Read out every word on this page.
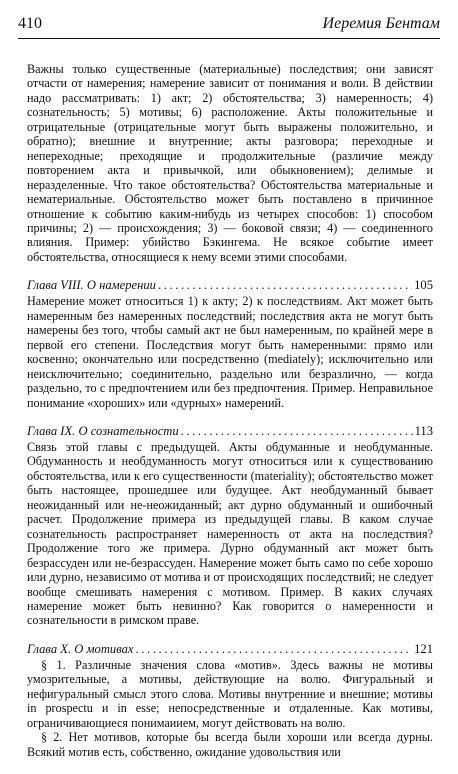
410	Иеремия Бентам

Важны только существенные (материальные) последствия; они зависят отчасти от намерения; намерение зависит от понимания и воли. В действии надо рассматривать: 1) акт; 2) обстоятельства; 3) намеренность; 4) сознательность; 5) мотивы; 6) расположение. Акты положительные и отрицательные (отрицательные могут быть выражены положительно, и обратно); внешние и внутренние; акты разговора; переходные и непереходные; преходящие и продолжительные (различие между повторением акта и привычкой, или обыкновением); делимые и неразделенные. Что такое обстоятельства? Обстоятельства материальные и нематериальные. Обстоятельство может быть поставлено в причинное отношение к событию каким-нибудь из четырех способов: 1) способом причины; 2) — происхождения; 3) — боковой связи; 4) — соединенного влияния. Пример: убийство Бэкингема. Не всякое событие имеет обстоятельства, относящиеся к нему всеми этими способами.

Глава VIII. О намерении .....	105

Намерение может относиться 1) к акту; 2) к последствиям. Акт может быть намеренным без намеренных последствий; последствия акта не могут быть намерены без того, чтобы самый акт не был намеренным, по крайней мере в первой его степени. Последствия могут быть намеренными: прямо или косвенно; окончательно или посредственно (mediately); исключительно или неисключительно; соединительно, раздельно или безразлично, — когда раздельно, то с предпочтением или без предпочтения. Пример. Неправильное понимание «хороших» или «дурных» намерений.

Глава IX. О сознательности .....	113

Связь этой главы с предыдущей. Акты обдуманные и необдуманные. Обдуманность и необдуманность могут относиться или к существованию обстоятельства, или к его существенности (materiality); обстоятельство может быть настоящее, прошедшее или будущее. Акт необдуманный бывает неожиданный или не-неожиданный; акт дурно обдуманный и ошибочный расчет. Продолжение примера из предыдущей главы. В каком случае сознательность распространяет намеренность от акта на последствия? Продолжение того же примера. Дурно обдуманный акт может быть безрассуден или не-безрассуден. Намерение может быть само по себе хорошо или дурно, независимо от мотива и от происходящих последствий; не следует вообще смешивать намерения с мотивом. Пример. В каких случаях намерение может быть невинно? Как говорится о намеренности и сознательности в римском праве.

Глава X. О мотивах .....	121

§ 1. Различные значения слова «мотив». Здесь важны не мотивы умозрительные, а мотивы, действующие на волю. Фигуральный и нефигуральный смысл этого слова. Мотивы внутренние и внешние; мотивы in prospectu и in esse; непосредственные и отдаленные. Как мотивы, ограничивающиеся понимаиием, могут действовать на волю.

§ 2. Нет мотивов, которые бы всегда были хороши или всегда дурны. Всякий мотив есть, собственно, ожидание удовольствия или
